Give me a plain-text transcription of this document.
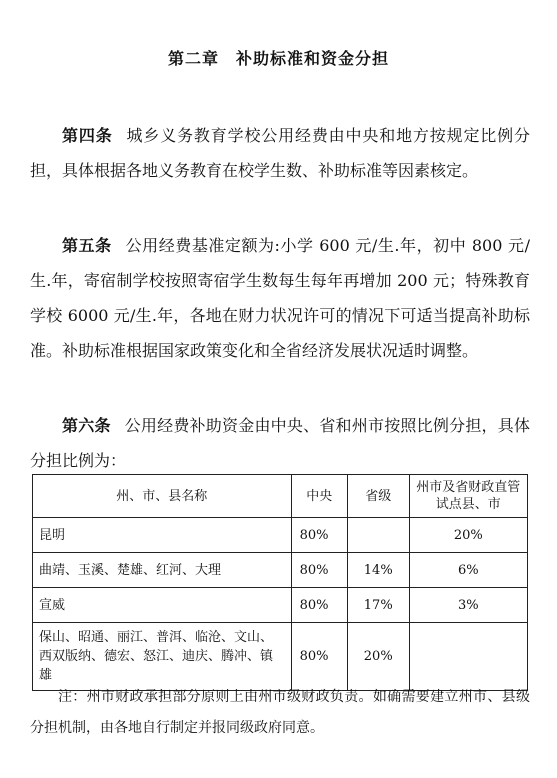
第二章　补助标准和资金分担

第四条 城乡义务教育学校公用经费由中央和地方按规定比例分担，具体根据各地义务教育在校学生数、补助标准等因素核定。

第五条 公用经费基准定额为:小学 600 元/生.年，初中 800 元/生.年，寄宿制学校按照寄宿学生数每生每年再增加 200 元；特殊教育学校 6000 元/生.年，各地在财力状况许可的情况下可适当提高补助标准。补助标准根据国家政策变化和全省经济发展状况适时调整。

第六条 公用经费补助资金由中央、省和州市按照比例分担，具体分担比例为：

州、市、县名称	中央	省级	州市及省财政直管试点县、市
昆明	80%		20%
曲靖、玉溪、楚雄、红河、大理	80%	14%	6%
宣威	80%	17%	3%
保山、昭通、丽江、普洱、临沧、文山、西双版纳、德宏、怒江、迪庆、腾冲、镇雄	80%	20%	

注：州市财政承担部分原则上由州市级财政负责。如确需要建立州市、县级分担机制，由各地自行制定并报同级政府同意。
